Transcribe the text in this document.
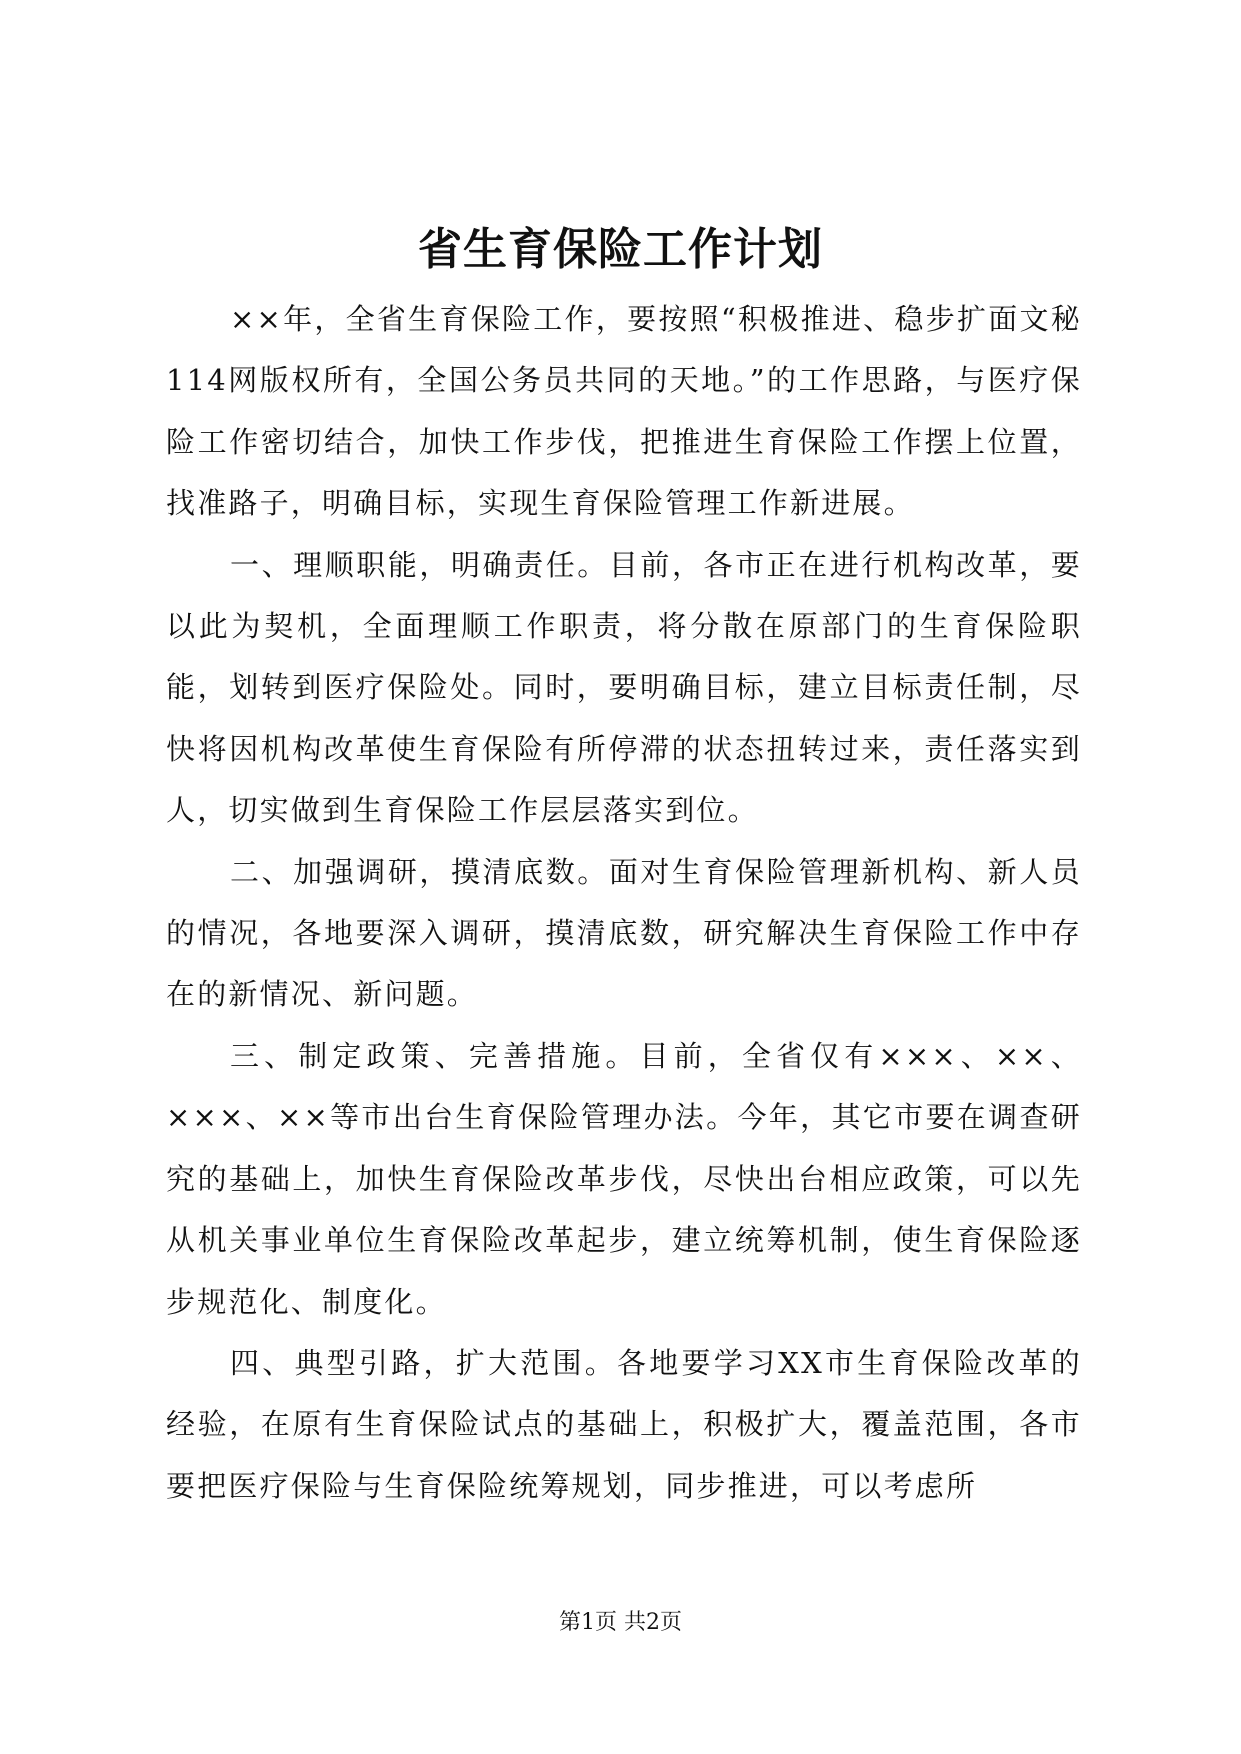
省生育保险工作计划

××年，全省生育保险工作，要按照“积极推进、稳步扩面文秘114网版权所有，全国公务员共同的天地。”的工作思路，与医疗保险工作密切结合，加快工作步伐，把推进生育保险工作摆上位置，找准路子，明确目标，实现生育保险管理工作新进展。

一、理顺职能，明确责任。目前，各市正在进行机构改革，要以此为契机，全面理顺工作职责，将分散在原部门的生育保险职能，划转到医疗保险处。同时，要明确目标，建立目标责任制，尽快将因机构改革使生育保险有所停滞的状态扭转过来，责任落实到人，切实做到生育保险工作层层落实到位。

二、加强调研，摸清底数。面对生育保险管理新机构、新人员的情况，各地要深入调研，摸清底数，研究解决生育保险工作中存在的新情况、新问题。

三、制定政策、完善措施。目前，全省仅有×××、××、×××、××等市出台生育保险管理办法。今年，其它市要在调查研究的基础上，加快生育保险改革步伐，尽快出台相应政策，可以先从机关事业单位生育保险改革起步，建立统筹机制，使生育保险逐步规范化、制度化。

四、典型引路，扩大范围。各地要学习XX市生育保险改革的经验，在原有生育保险试点的基础上，积极扩大，覆盖范围，各市要把医疗保险与生育保险统筹规划，同步推进，可以考虑所

第1页 共2页
